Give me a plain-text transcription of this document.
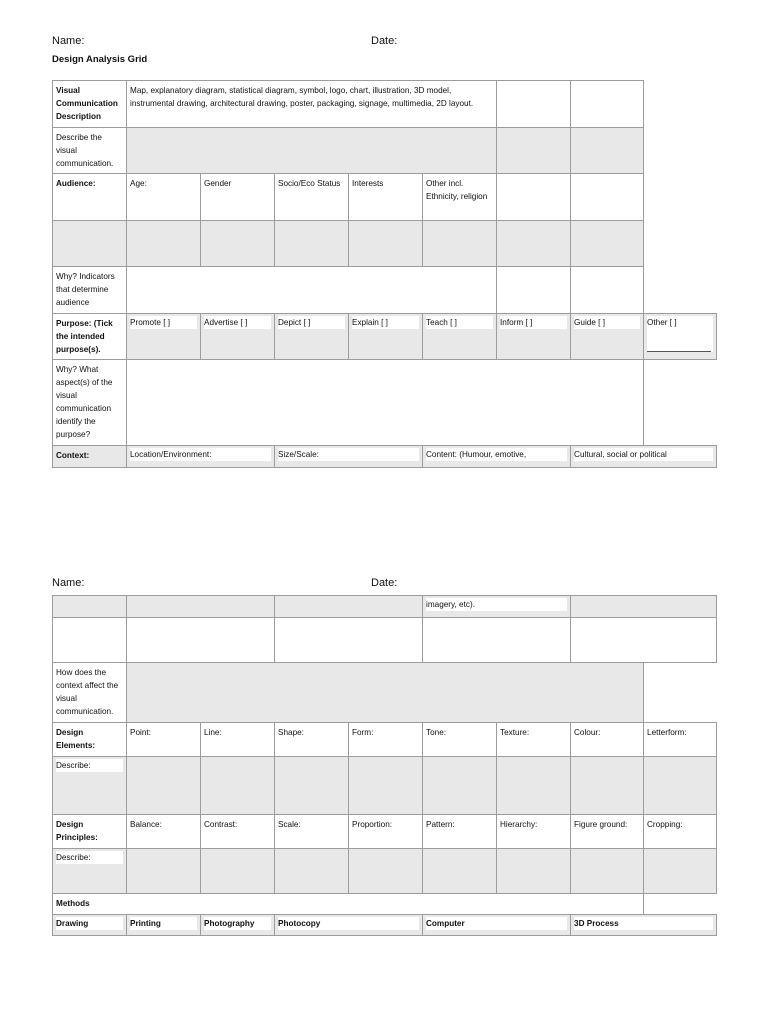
Name:	Date:
Design Analysis Grid
Visual Communication Description	Map, explanatory diagram, statistical diagram, symbol, logo, chart, illustration, 3D model, instrumental drawing, architectural drawing, poster, packaging, signage, multimedia, 2D layout.							
Describe the visual communication.								
Audience:	Age:	Gender	Socio/Eco Status	Interests	Other incl. Ethnicity, religion			

Why? Indicators that determine audience								
Purpose: (Tick the intended purpose(s).	Promote [ ]	Advertise [ ]	Depict [ ]	Explain [ ]	Teach [ ]	Inform [ ]	Guide [ ]	Other [ ]

Why? What aspect(s) of the visual communication identify the purpose?								
Context:	Location/Environment:		Size/Scale:		Content: (Humour, emotive,		Cultural, social or political	
Name:	Date:

					imagery, etc).			

How does the context affect the visual communication.								
Design Elements:	Point:	Line:	Shape:	Form:	Tone:	Texture:	Colour:	Letterform:

Describe:								

Design Principles:	Balance:	Contrast:	Scale:	Proportion:	Pattern:	Hierarchy:	Figure ground:	Cropping:

Describe:								

Methods								

Drawing	Printing	Photography	Photocopy		Computer		3D Process	
